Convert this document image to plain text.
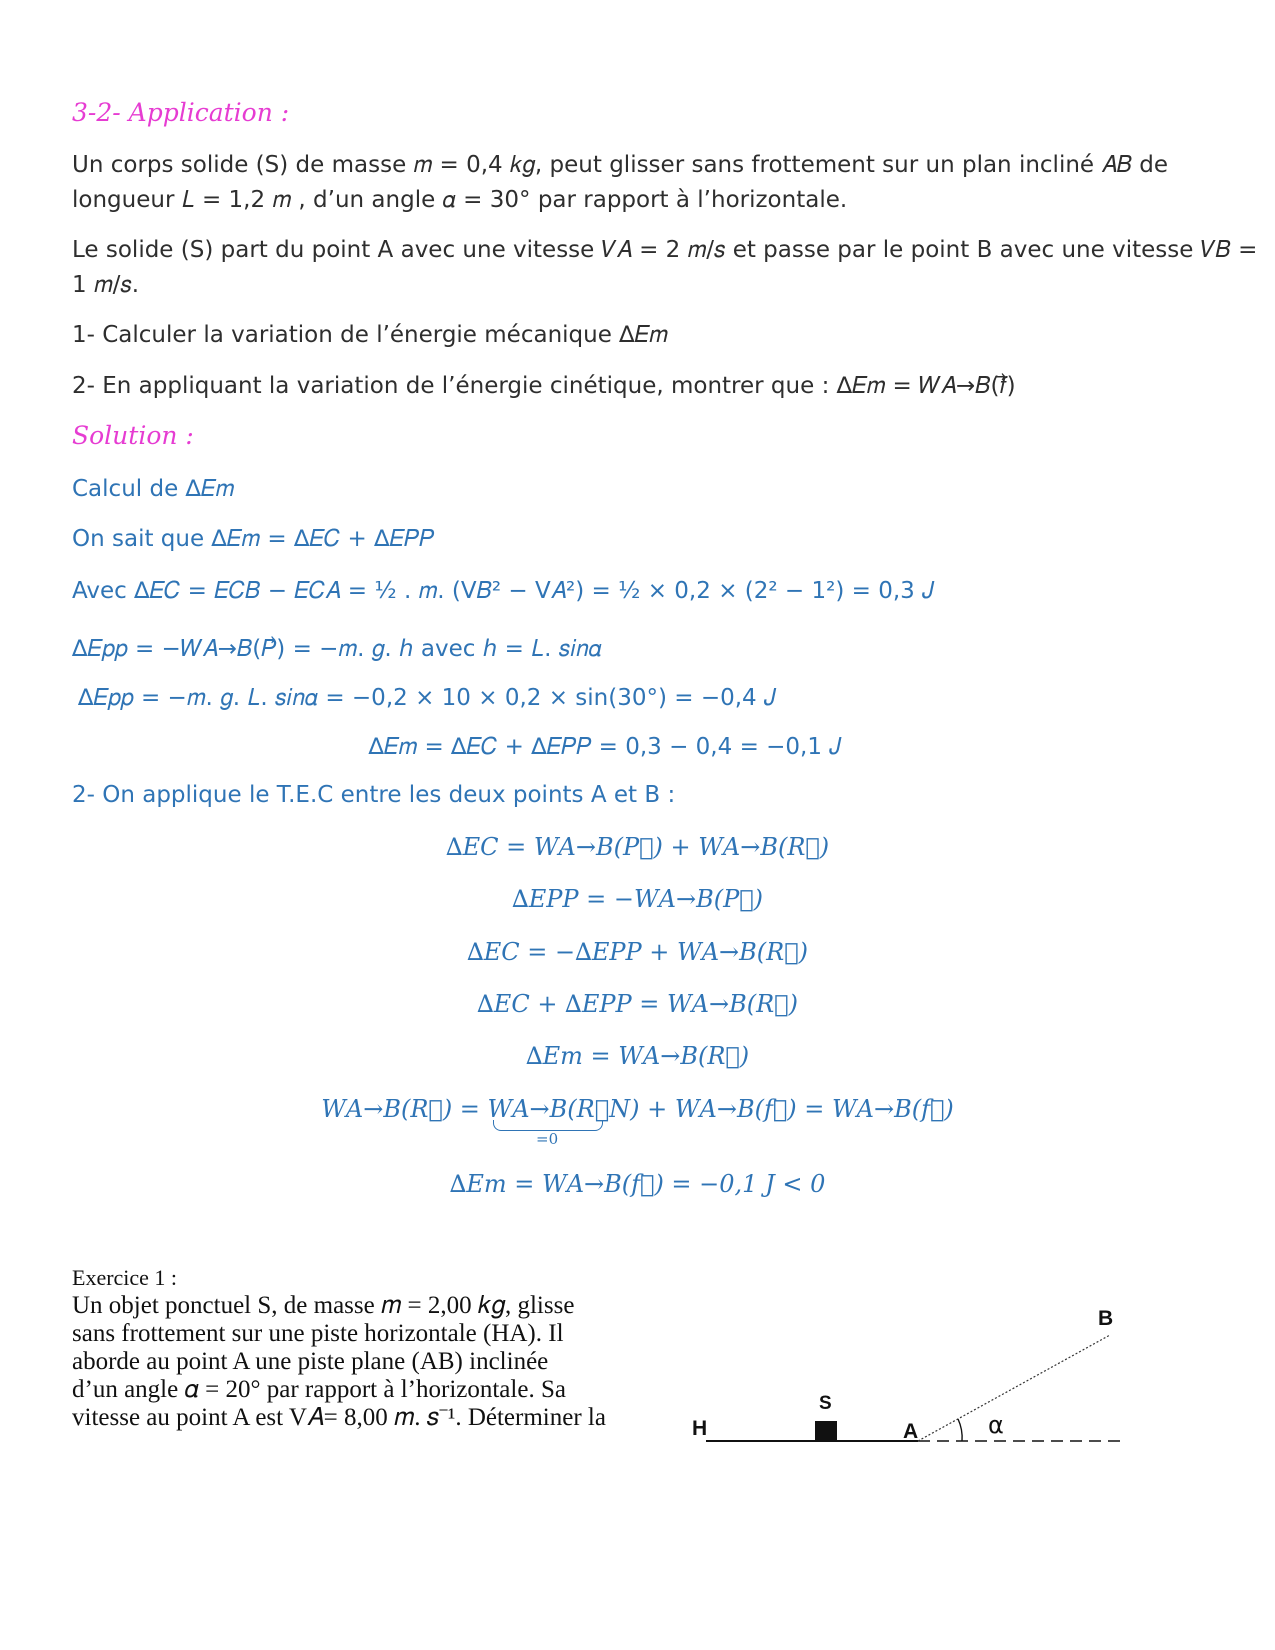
3-2- Application :
Un corps solide (S) de masse 𝑚 = 0,4 𝑘𝑔, peut glisser sans frottement sur un plan incliné 𝐴𝐵 de
longueur 𝐿 = 1,2 𝑚 , d’un angle 𝛼 = 30° par rapport à l’horizontale.
Le solide (S) part du point A avec une vitesse 𝑉𝐴 = 2 𝑚/𝑠 et passe par le point B avec une vitesse 𝑉𝐵 =
1 𝑚/𝑠.
1- Calculer la variation de l’énergie mécanique ∆𝐸𝑚
2- En appliquant la variation de l’énergie cinétique, montrer que : ∆𝐸𝑚 = 𝑊𝐴→𝐵(𝑓⃗)
Solution :
Calcul de ∆𝐸𝑚
On sait que ∆𝐸𝑚 = ∆𝐸𝐶 + ∆𝐸𝑃𝑃
Avec ∆𝐸𝐶 = 𝐸𝐶𝐵 − 𝐸𝐶𝐴 = ½ . 𝑚. (V𝐵² − V𝐴²) = ½ × 0,2 × (2² − 1²) = 0,3 𝐽
∆𝐸𝑝𝑝 = −𝑊𝐴→𝐵(𝑃⃗) = −𝑚. 𝑔. ℎ avec ℎ = 𝐿. 𝑠𝑖𝑛𝛼
∆𝐸𝑝𝑝 = −𝑚. 𝑔. 𝐿. 𝑠𝑖𝑛𝛼 = −0,2 × 10 × 0,2 × sin(30°) = −0,4 𝐽
∆𝐸𝑚 = ∆𝐸𝐶 + ∆𝐸𝑃𝑃 = 0,3 − 0,4 = −0,1 𝐽
2- On applique le T.E.C entre les deux points A et B :
∆𝐸𝐶 = 𝑊𝐴→𝐵(𝑃⃗) + 𝑊𝐴→𝐵(𝑅⃗)
∆𝐸𝑃𝑃 = −𝑊𝐴→𝐵(𝑃⃗)
∆𝐸𝐶 = −∆𝐸𝑃𝑃 + 𝑊𝐴→𝐵(𝑅⃗)
∆𝐸𝐶 + ∆𝐸𝑃𝑃 = 𝑊𝐴→𝐵(𝑅⃗)
∆𝐸𝑚 = 𝑊𝐴→𝐵(𝑅⃗)
𝑊𝐴→𝐵(𝑅⃗) = 𝑊𝐴→𝐵(𝑅⃗𝑁) + 𝑊𝐴→𝐵(𝑓⃗) = 𝑊𝐴→𝐵(𝑓⃗)
=0
∆𝐸𝑚 = 𝑊𝐴→𝐵(𝑓⃗) = −0,1 𝐽 < 0
Exercice 1 :
Un objet ponctuel S, de masse 𝑚 = 2,00 𝑘𝑔, glisse
sans frottement sur une piste horizontale (HA). Il
aborde au point A une piste plane (AB) inclinée
d’un angle 𝛼 = 20° par rapport à l’horizontale. Sa
vitesse au point A est V𝐴= 8,00 𝑚. 𝑠⁻¹. Déterminer la	H
S
A
B
α
